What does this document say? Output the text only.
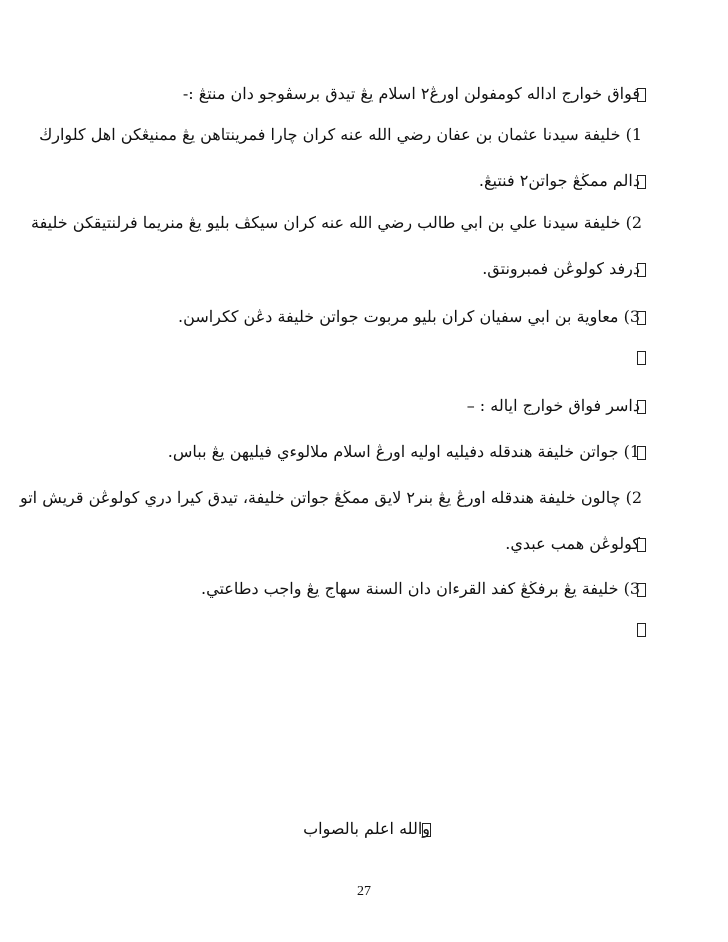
فواق خوارج اداله كومفولن اورڠ٢ اسلام يڠ تيدق برسڤوجو دان منتڠ :-
1) خليفة سيدنا عثمان بن عفان رضي الله عنه كران چارا فمرينتاهن يڠ ممنيڠكن اهل كلوارڬ
دالم ممڬڠ جواتن٢ فنتيڠ.
2) خليفة سيدنا علي بن ابي طالب رضي الله عنه كران سيكڤ بليو يڠ منريما فرلنتيقكن خليفة
درفد كولوڠن فمبرونتق.
3) معاوية بن ابي سفيان كران بليو مربوت جواتن خليفة دڠن ككراسن.
داسر فواق خوارج اياله : –
1) جواتن خليفة هندقله دفيليه اوليه اورڠ اسلام ملالوءي فيليهن يڠ بباس.
2) چالون خليفة هندقله اورڠ يڠ بنر٢ لايق ممڬڠ جواتن خليفة، تيدق كيرا دري كولوڠن قريش اتو
كولوڠن همب عبدي.
3) خليفة يڠ برفڬڠ كفد القرءان دان السنة سهاج يڠ واجب دطاعتي.
والله اعلم بالصواب
27
